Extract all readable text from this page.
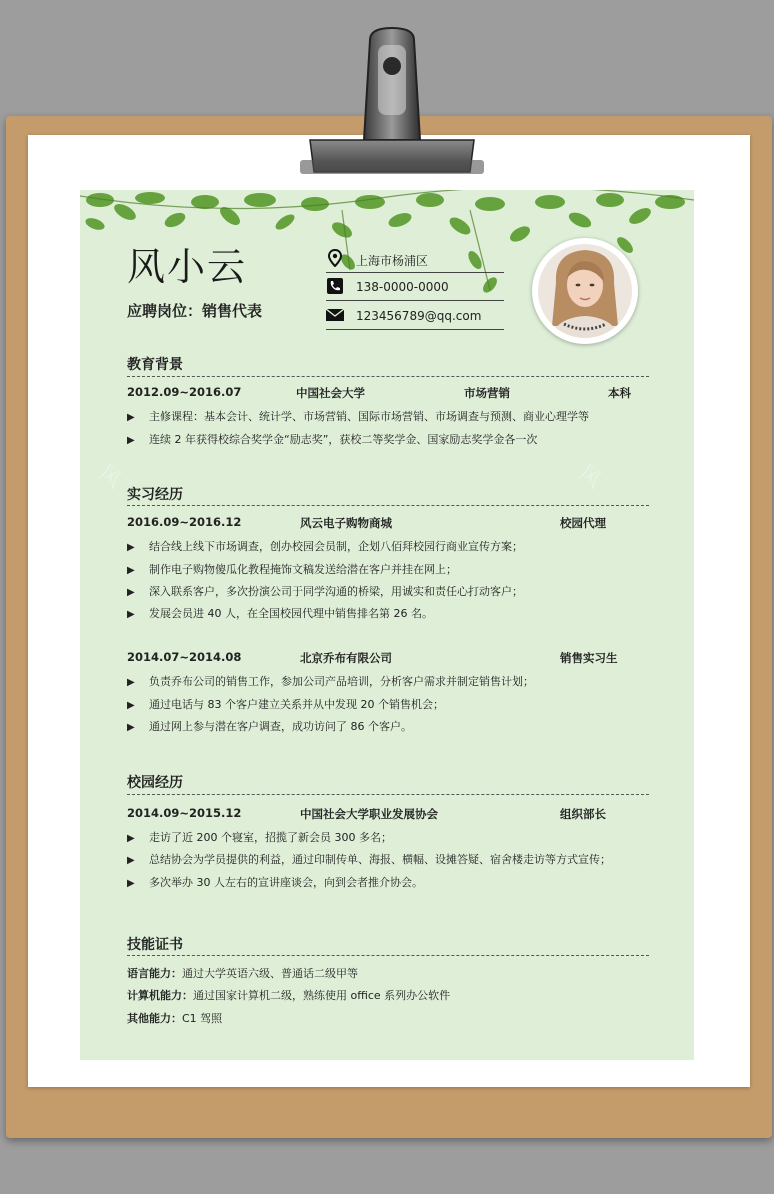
风小云
应聘岗位：销售代表
上海市杨浦区
138-0000-0000
123456789@qq.com
风	风
教育背景
2012.09~2016.07	中国社会大学	市场营销	本科
▶ 主修课程：基本会计、统计学、市场营销、国际市场营销、市场调查与预测、商业心理学等
▶ 连续 2 年获得校综合奖学金“励志奖”，获校二等奖学金、国家励志奖学金各一次
实习经历
2016.09~2016.12	风云电子购物商城	校园代理
▶ 结合线上线下市场调查，创办校园会员制，企划八佰拜校园行商业宣传方案；
▶ 制作电子购物傻瓜化教程掩饰文稿发送给潜在客户并挂在网上；
▶ 深入联系客户，多次扮演公司于同学沟通的桥梁，用诚实和责任心打动客户；
▶ 发展会员进 40 人，在全国校园代理中销售排名第 26 名。
2014.07~2014.08	北京乔布有限公司	销售实习生
▶ 负责乔布公司的销售工作，参加公司产品培训，分析客户需求并制定销售计划；
▶ 通过电话与 83 个客户建立关系并从中发现 20 个销售机会；
▶ 通过网上参与潜在客户调查，成功访问了 86 个客户。
校园经历
2014.09~2015.12	中国社会大学职业发展协会	组织部长
▶ 走访了近 200 个寝室，招揽了新会员 300 多名；
▶ 总结协会为学员提供的利益，通过印制传单、海报、横幅、设摊答疑、宿舍楼走访等方式宣传；
▶ 多次举办 30 人左右的宣讲座谈会，向到会者推介协会。
技能证书
语言能力：通过大学英语六级、普通话二级甲等
计算机能力：通过国家计算机二级，熟练使用 office 系列办公软件
其他能力：C1 驾照
